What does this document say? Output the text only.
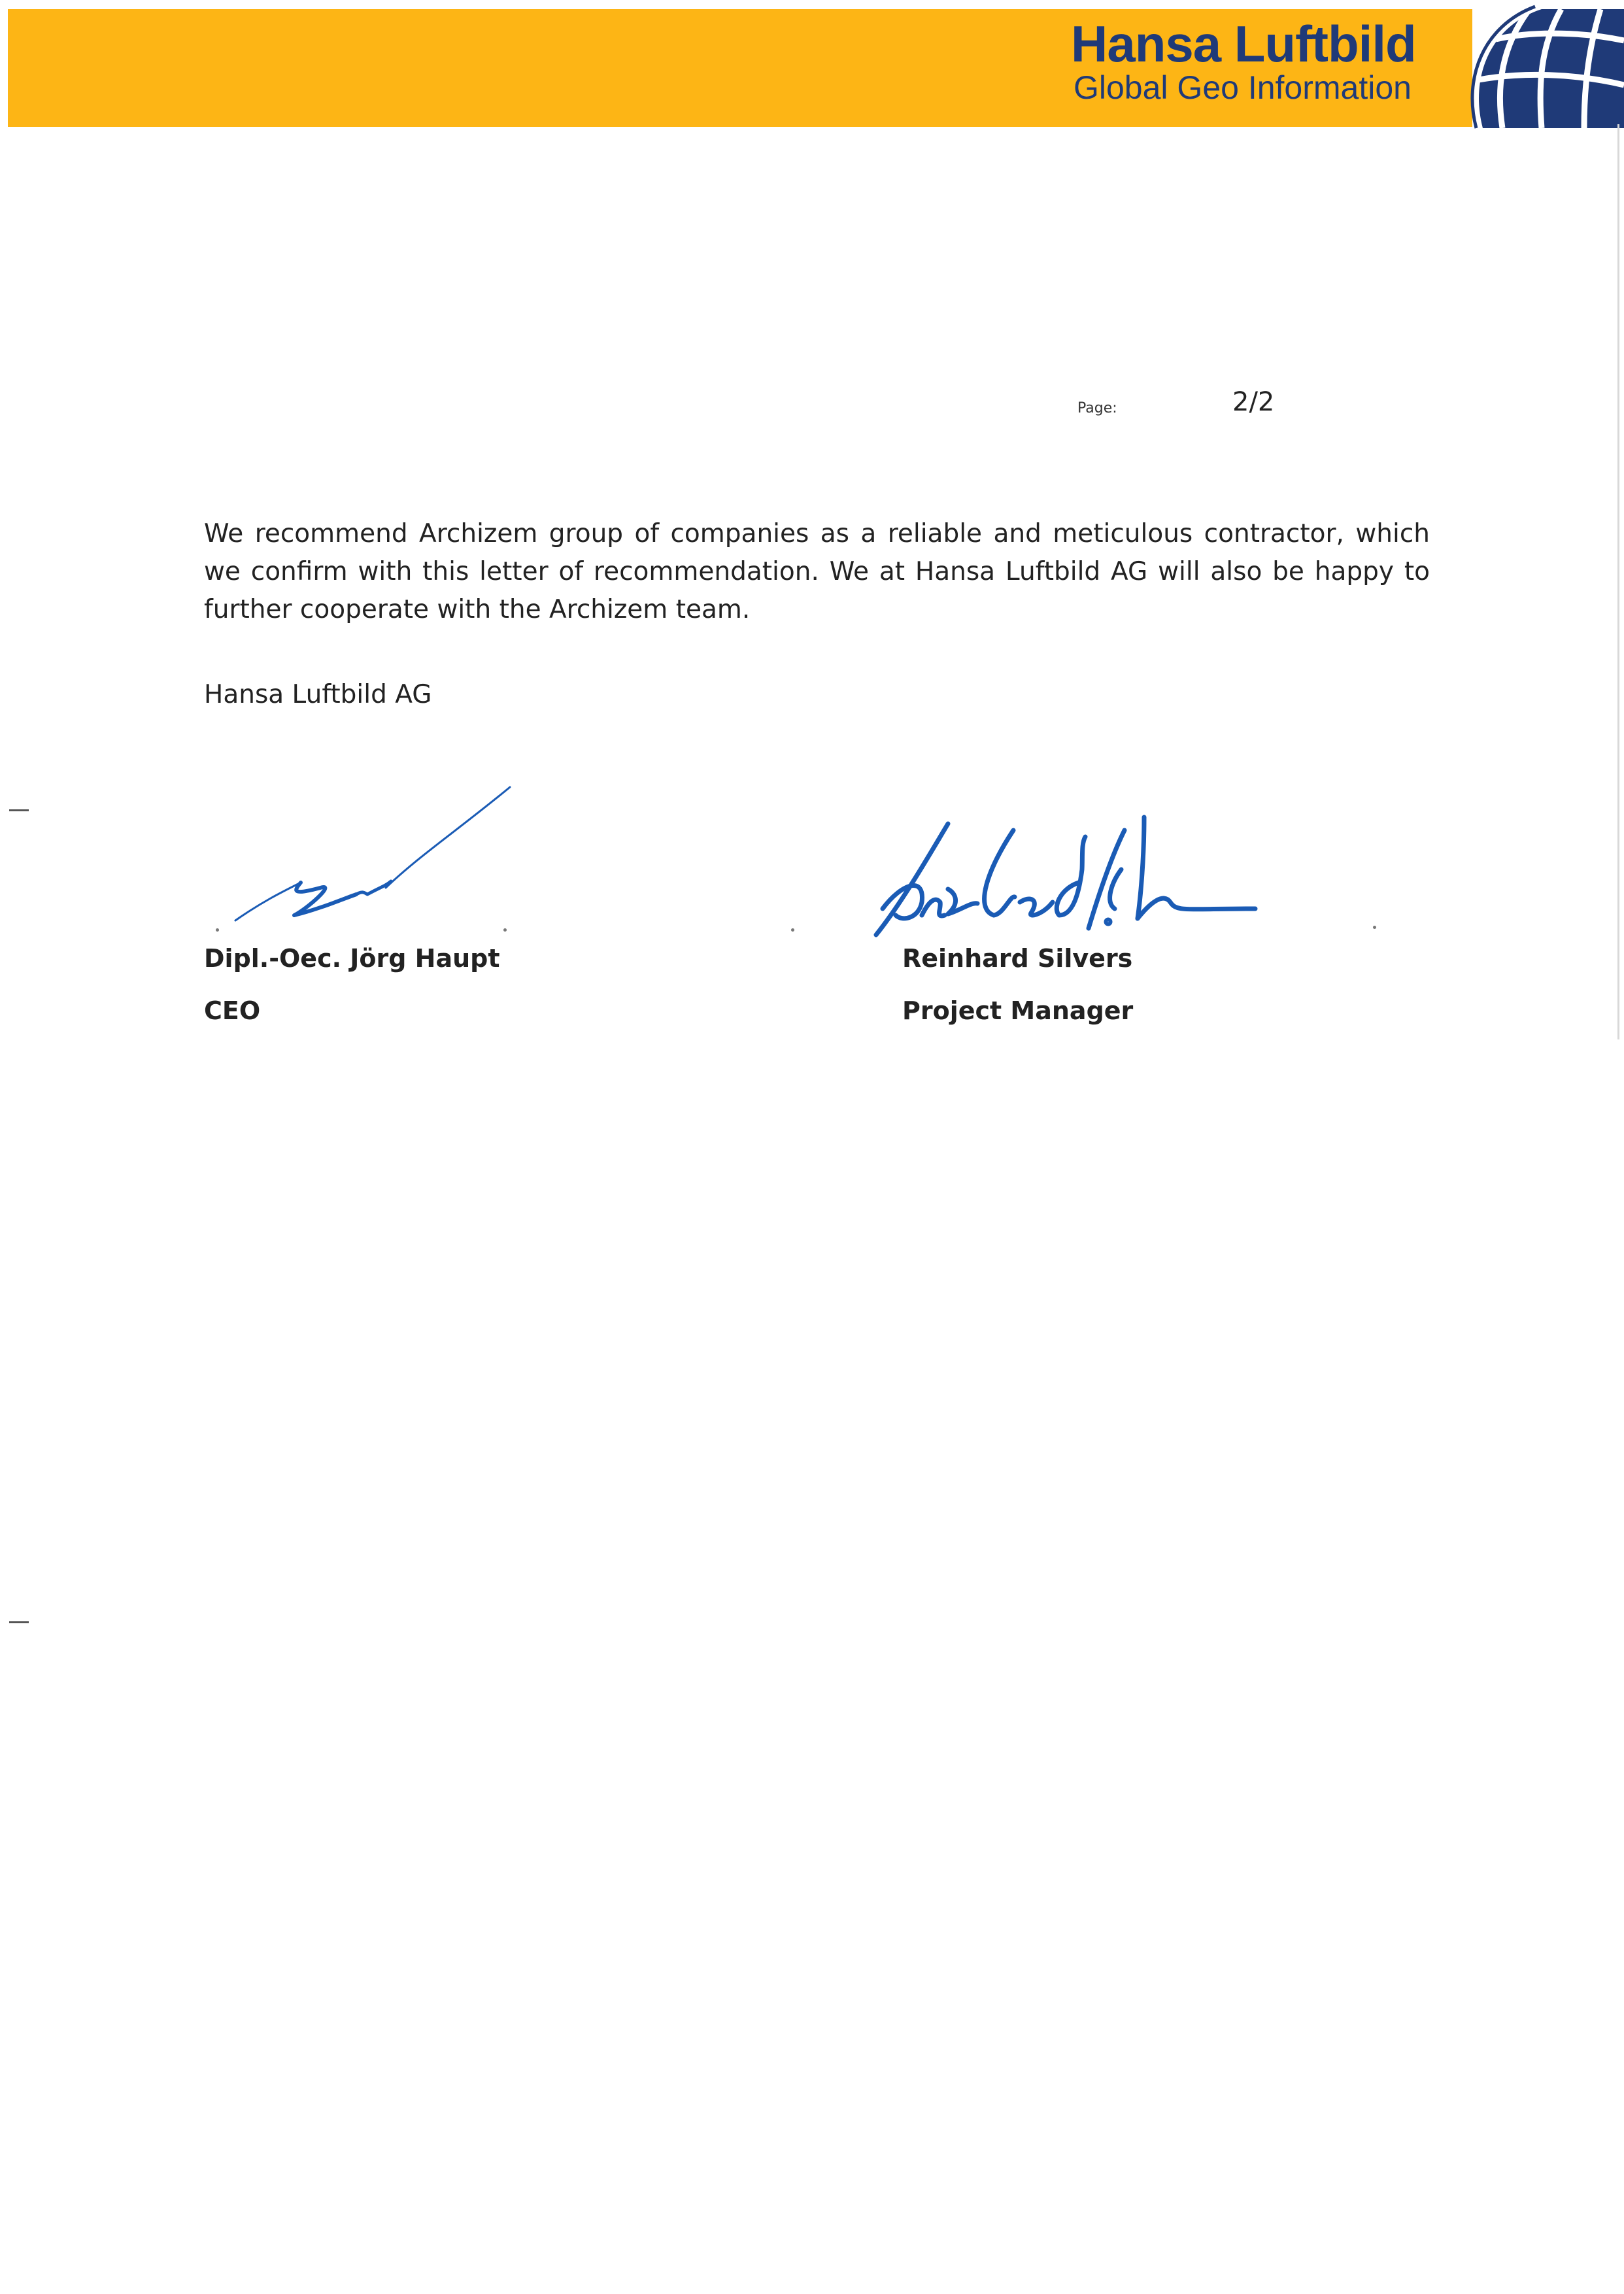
Hansa Luftbild
Global Geo Information
Page:	2/2
We recommend Archizem group of companies as a reliable and meticulous contractor, which we confirm with this letter of recommendation. We at Hansa Luftbild AG will also be happy to further cooperate with the Archizem team.
Hansa Luftbild AG
Dipl.-Oec. Jörg Haupt
CEO
Reinhard Silvers
Project Manager
